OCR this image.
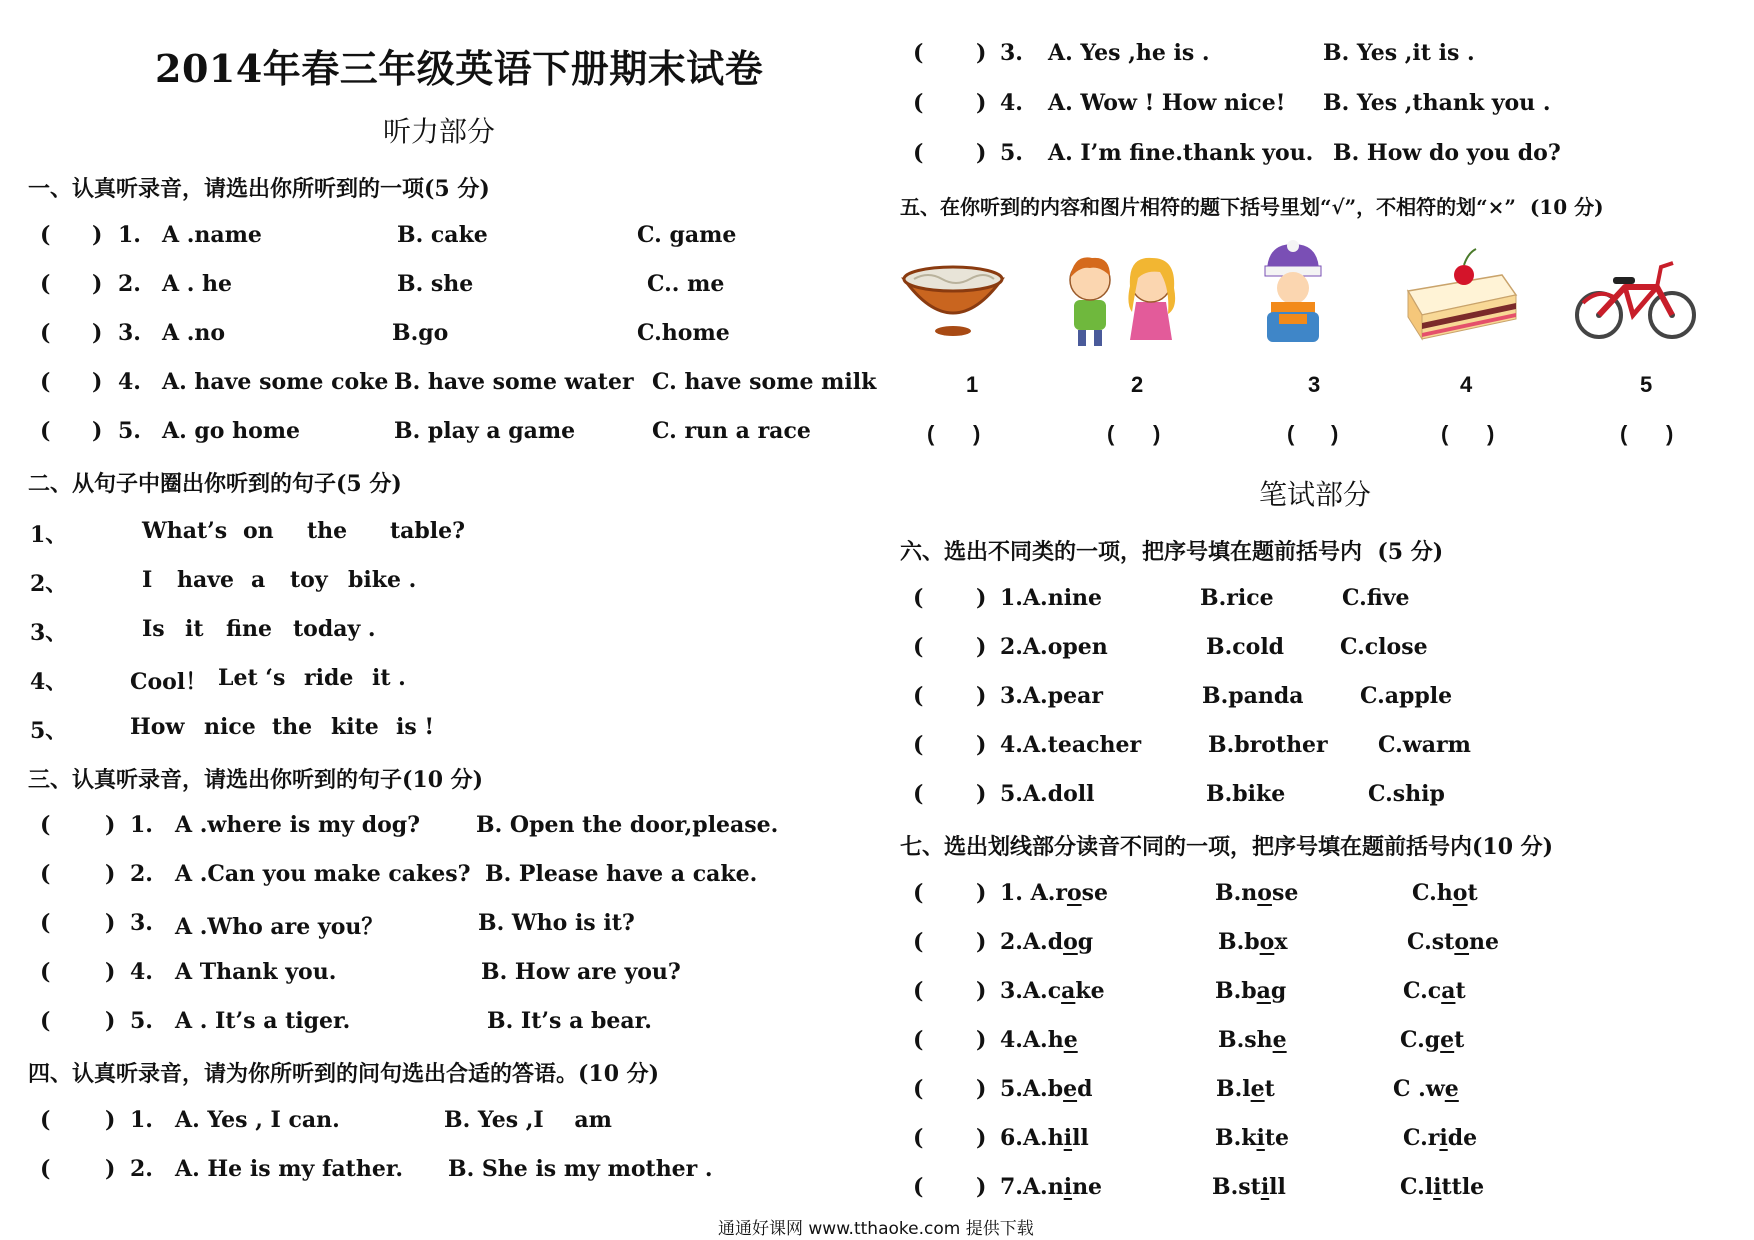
2014年春三年级英语下册期末试卷
听力部分
一、认真听录音，请选出你所听到的一项(5 分)
( ) 1. A .name	B. cake	C. game
( ) 2. A . he	B. she	C.. me
( ) 3. A .no	B.go	C.home
( ) 4. A. have some coke B. have some water C. have some milk
( ) 5. A. go home	B. play a game	C. run a race
二、从句子中圈出你听到的句子(5 分)
1、	What’s on the table?
2、	I have a toy bike .
3、	Is it fine today .
4、	Cool！ Let ‘s ride it .
5、	How nice the kite is !
三、认真听录音，请选出你听到的句子(10 分)
( ) 1. A .where is my dog?	B. Open the door,please.
( ) 2. A .Can you make cakes? B. Please have a cake.
( ) 3. A .Who are you？	B. Who is it?
( ) 4. A Thank you.	B. How are you?
( ) 5. A . It’s a tiger.	B. It’s a bear.
四、认真听录音，请为你所听到的问句选出合适的答语。(10 分)
( ) 1. A. Yes , I can.	B. Yes ,I    am
( ) 2. A. He is my father. B. She is my mother .
( ) 3. A. Yes ,he is .	B. Yes ,it is .
( ) 4. A. Wow ! How nice! B. Yes ,thank you .
( ) 5. A. I’m fine.thank you. B. How do you do?
五、在你听到的内容和图片相符的题下括号里划“√”，不相符的划“×”  (10 分)
1	2	3	4	5
( )	( )	( )	( )	( )
笔试部分
六、选出不同类的一项，把序号填在题前括号内  (5 分)
( ) 1.A.nine	B.rice	C.five
( ) 2.A.open	B.cold	C.close
( ) 3.A.pear	B.panda	C.apple
( ) 4.A.teacher	B.brother C.warm
( ) 5.A.doll	B.bike	C.ship
七、选出划线部分读音不同的一项，把序号填在题前括号内(10 分)
( ) 1. A.rose	B.nose	C.hot
( ) 2.A.dog	B.box	C.stone
( ) 3.A.cake	B.bag	C.cat
( ) 4.A.he	B.she	C.get
( ) 5.A.bed	B.let	C .we
( ) 6.A.hill	B.kite	C.ride
( ) 7.A.nine	B.still	C.little
通通好课网 www.tthaoke.com 提供下载
